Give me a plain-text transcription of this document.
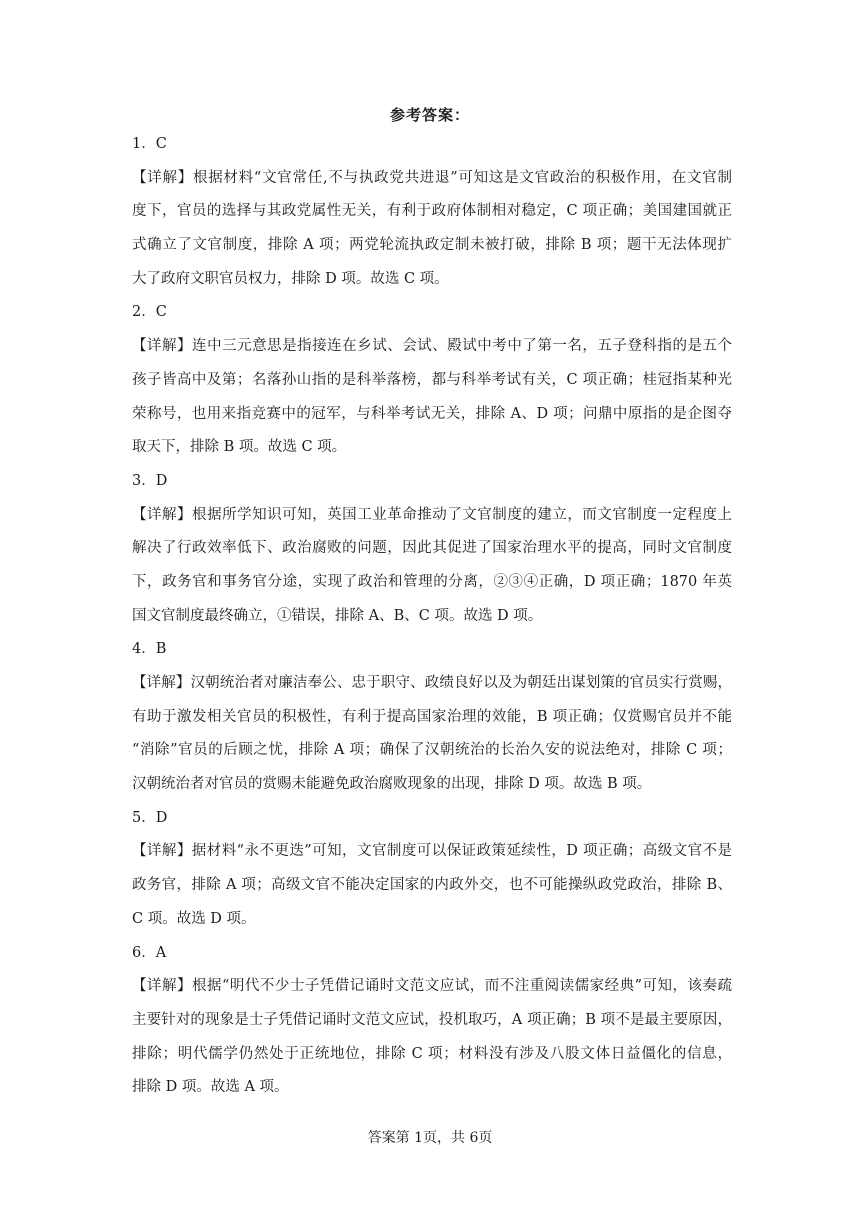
参考答案：
1．C
【详解】根据材料“文官常任,不与执政党共进退”可知这是文官政治的积极作用，在文官制
度下，官员的选择与其政党属性无关，有利于政府体制相对稳定，C 项正确；美国建国就正
式确立了文官制度，排除 A 项；两党轮流执政定制未被打破，排除 B 项；题干无法体现扩
大了政府文职官员权力，排除 D 项。故选 C 项。
2．C
【详解】连中三元意思是指接连在乡试、会试、殿试中考中了第一名，五子登科指的是五个
孩子皆高中及第；名落孙山指的是科举落榜，都与科举考试有关，C 项正确；桂冠指某种光
荣称号，也用来指竞赛中的冠军，与科举考试无关，排除 A、D 项；问鼎中原指的是企图夺
取天下，排除 B 项。故选 C 项。
3．D
【详解】根据所学知识可知，英国工业革命推动了文官制度的建立，而文官制度一定程度上
解决了行政效率低下、政治腐败的问题，因此其促进了国家治理水平的提高，同时文官制度
下，政务官和事务官分途，实现了政治和管理的分离，②③④正确，D 项正确；1870 年英
国文官制度最终确立，①错误，排除 A、B、C 项。故选 D 项。
4．B
【详解】汉朝统治者对廉洁奉公、忠于职守、政绩良好以及为朝廷出谋划策的官员实行赏赐，
有助于激发相关官员的积极性，有利于提高国家治理的效能，B 项正确；仅赏赐官员并不能
“消除”官员的后顾之忧，排除 A 项；确保了汉朝统治的长治久安的说法绝对，排除 C 项；
汉朝统治者对官员的赏赐未能避免政治腐败现象的出现，排除 D 项。故选 B 项。
5．D
【详解】据材料“永不更迭”可知，文官制度可以保证政策延续性，D 项正确；高级文官不是
政务官，排除 A 项；高级文官不能决定国家的内政外交，也不可能操纵政党政治，排除 B、
C 项。故选 D 项。
6．A
【详解】根据“明代不少士子凭借记诵时文范文应试，而不注重阅读儒家经典”可知，该奏疏
主要针对的现象是士子凭借记诵时文范文应试，投机取巧，A 项正确；B 项不是最主要原因，
排除；明代儒学仍然处于正统地位，排除 C 项；材料没有涉及八股文体日益僵化的信息，
排除 D 项。故选 A 项。
答案第 1页，共 6页
